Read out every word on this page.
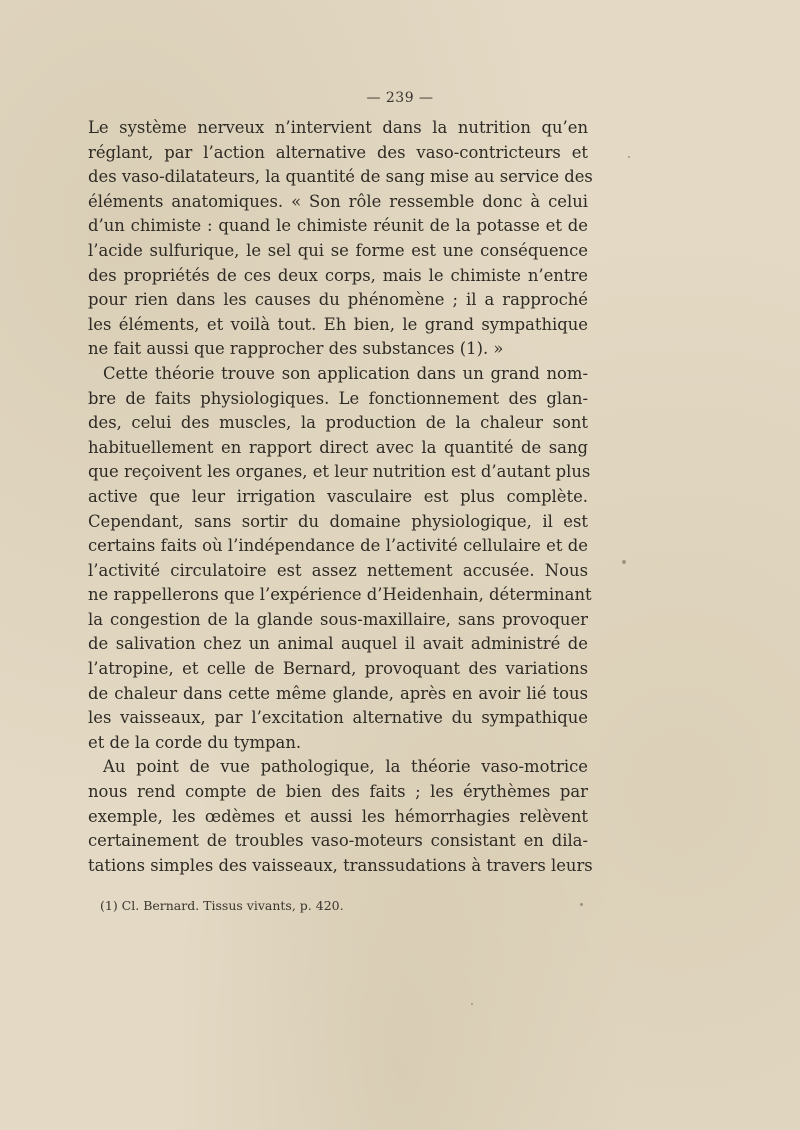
— 239 —
Le système nerveux n’intervient dans la nutrition qu’en
réglant, par l’action alternative des vaso-contricteurs et
des vaso-dilatateurs, la quantité de sang mise au service des
éléments anatomiques. « Son rôle ressemble donc à celui
d’un chimiste : quand le chimiste réunit de la potasse et de
l’acide sulfurique, le sel qui se forme est une conséquence
des propriétés de ces deux corps, mais le chimiste n’entre
pour rien dans les causes du phénomène ; il a rapproché
les éléments, et voilà tout. Eh bien, le grand sympathique
ne fait aussi que rapprocher des substances (1). »
Cette théorie trouve son application dans un grand nom-
bre de faits physiologiques. Le fonctionnement des glan-
des, celui des muscles, la production de la chaleur sont
habituellement en rapport direct avec la quantité de sang
que reçoivent les organes, et leur nutrition est d’autant plus
active que leur irrigation vasculaire est plus complète.
Cependant, sans sortir du domaine physiologique, il est
certains faits où l’indépendance de l’activité cellulaire et de
l’activité circulatoire est assez nettement accusée. Nous
ne rappellerons que l’expérience d’Heidenhain, déterminant
la congestion de la glande sous-maxillaire, sans provoquer
de salivation chez un animal auquel il avait administré de
l’atropine, et celle de Bernard, provoquant des variations
de chaleur dans cette même glande, après en avoir lié tous
les vaisseaux, par l’excitation alternative du sympathique
et de la corde du tympan.
Au point de vue pathologique, la théorie vaso-motrice
nous rend compte de bien des faits ; les érythèmes par
exemple, les œdèmes et aussi les hémorrhagies relèvent
certainement de troubles vaso-moteurs consistant en dila-
tations simples des vaisseaux, transsudations à travers leurs
(1) Cl. Bernard. Tissus vivants, p. 420.
